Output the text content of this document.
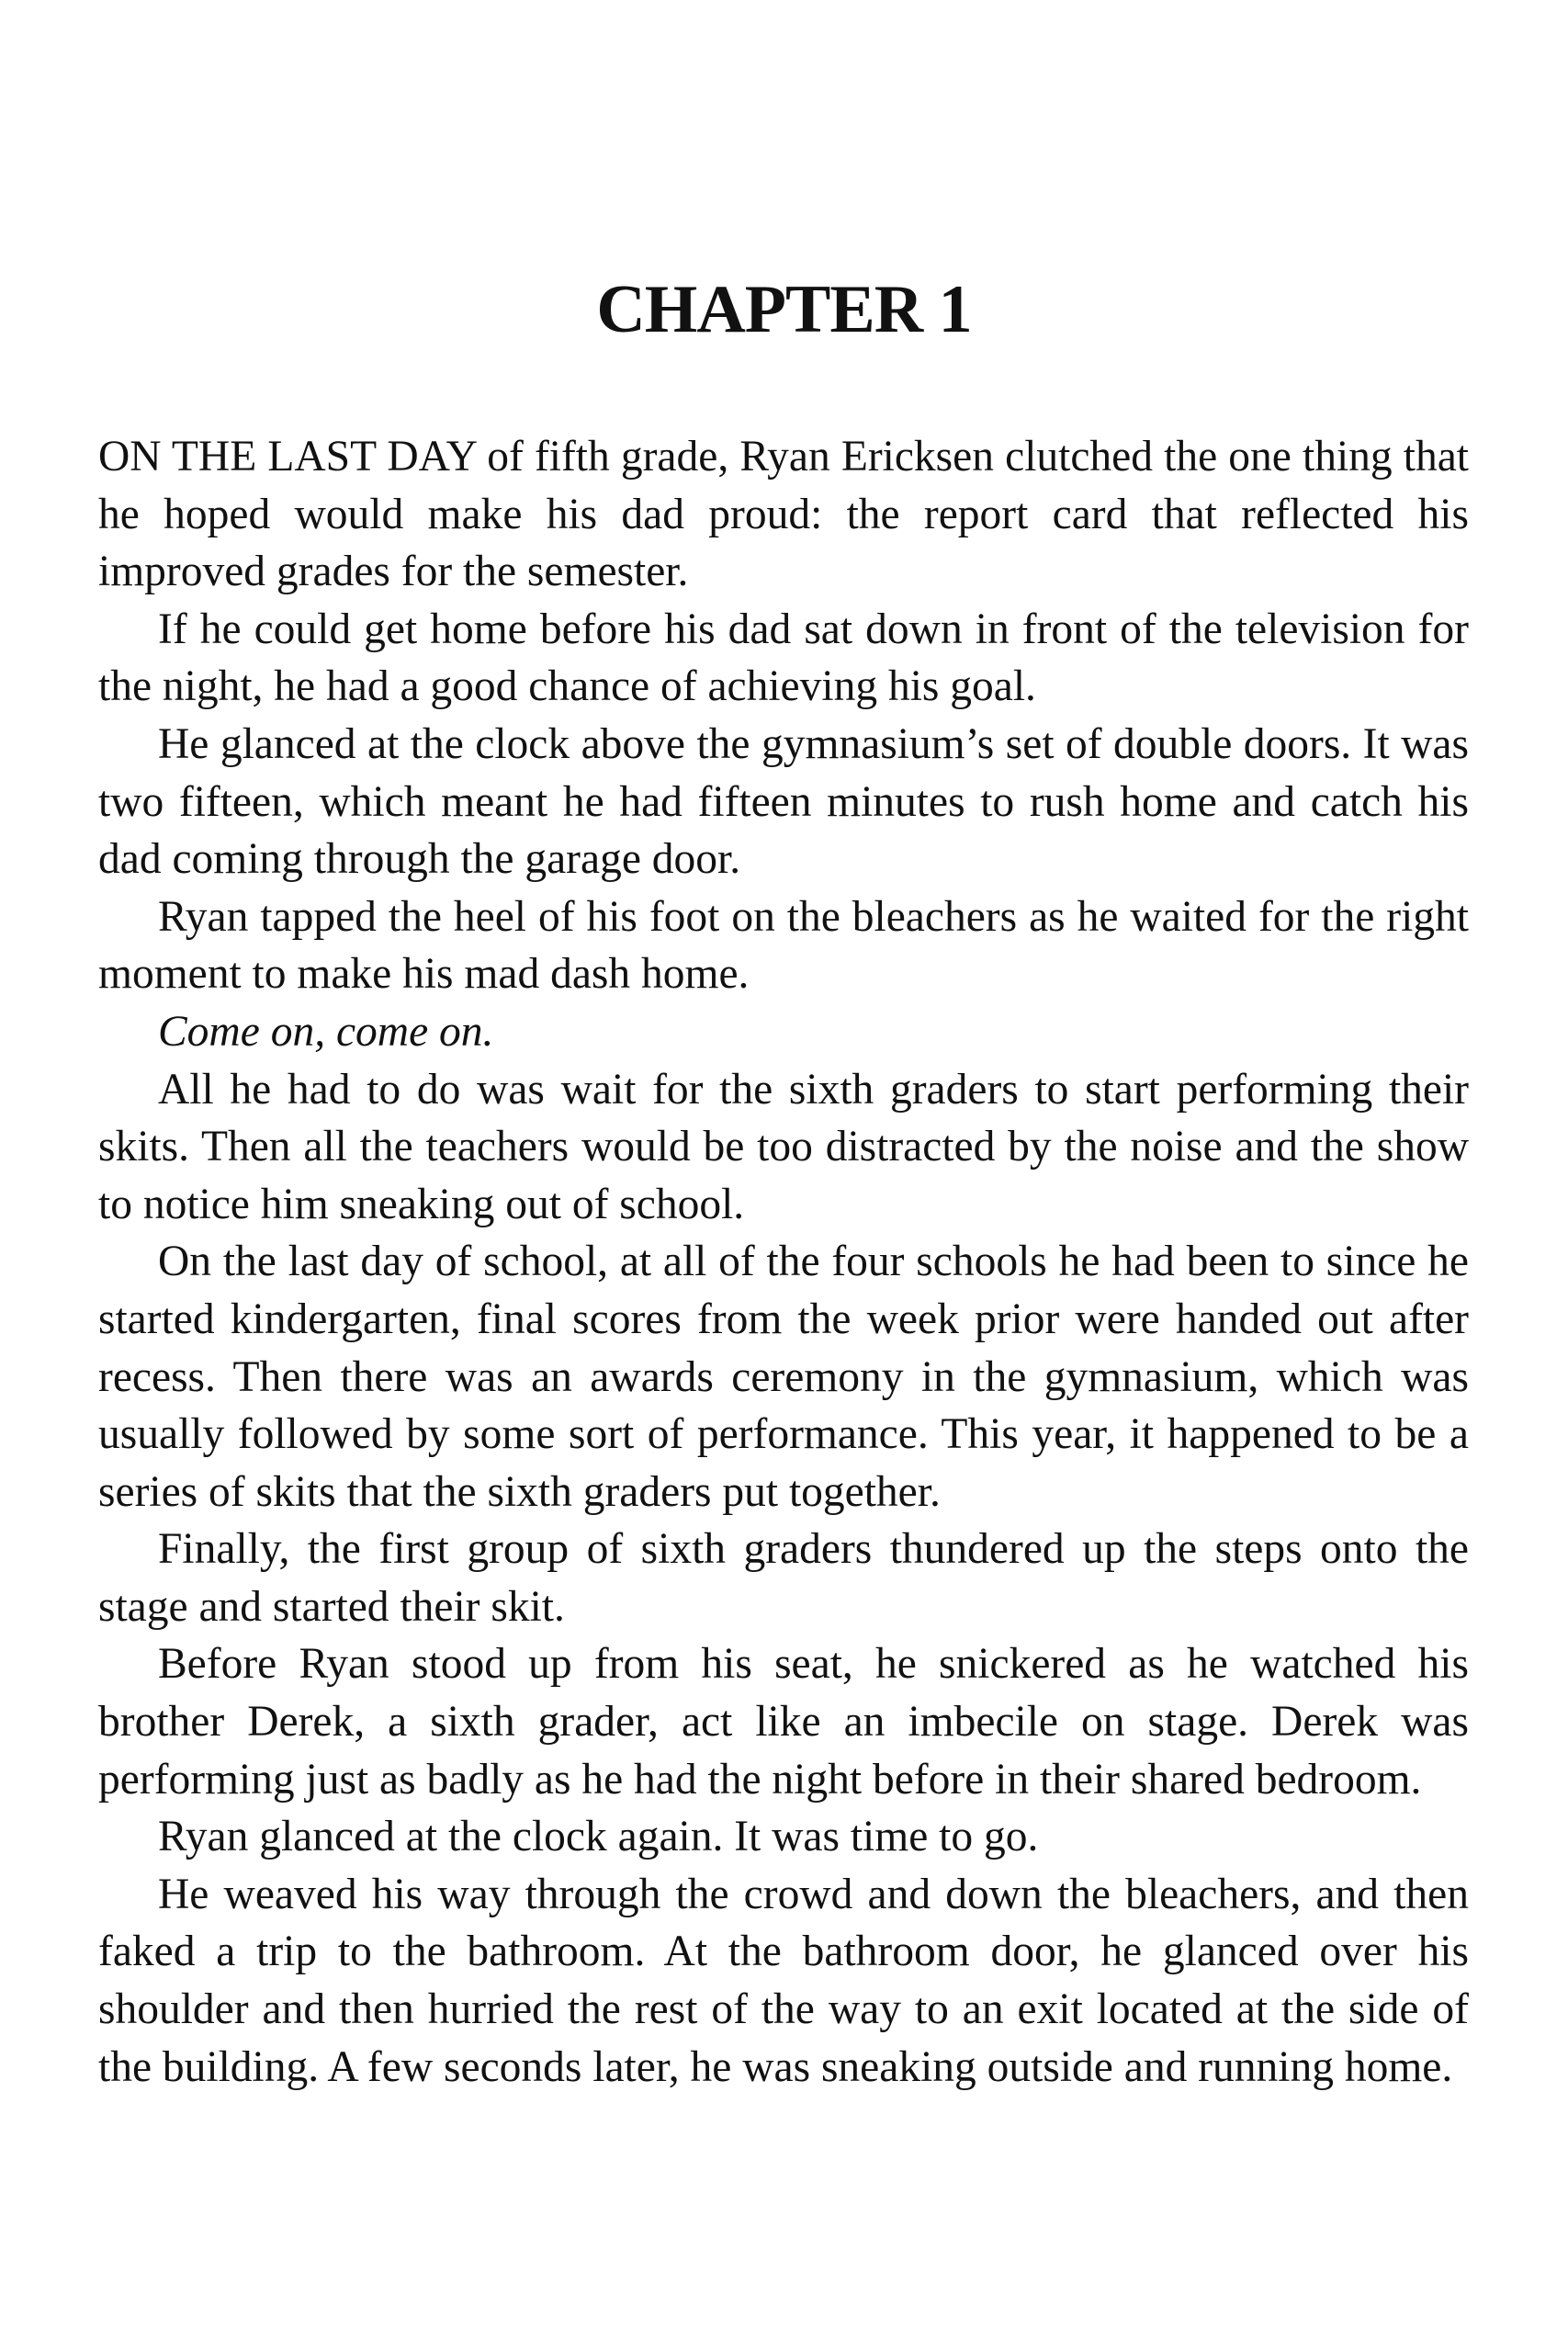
CHAPTER 1

ON THE LAST DAY of fifth grade, Ryan Ericksen clutched the one thing that he hoped would make his dad proud: the report card that reflected his improved grades for the semester.

If he could get home before his dad sat down in front of the television for the night, he had a good chance of achieving his goal.

He glanced at the clock above the gymnasium’s set of double doors. It was two fifteen, which meant he had fifteen minutes to rush home and catch his dad coming through the garage door.

Ryan tapped the heel of his foot on the bleachers as he waited for the right moment to make his mad dash home.

Come on, come on.

All he had to do was wait for the sixth graders to start performing their skits. Then all the teachers would be too distracted by the noise and the show to notice him sneaking out of school.

On the last day of school, at all of the four schools he had been to since he started kindergarten, final scores from the week prior were handed out after recess. Then there was an awards ceremony in the gymnasium, which was usually followed by some sort of performance. This year, it happened to be a series of skits that the sixth graders put together.

Finally, the first group of sixth graders thundered up the steps onto the stage and started their skit.

Before Ryan stood up from his seat, he snickered as he watched his brother Derek, a sixth grader, act like an imbecile on stage. Derek was performing just as badly as he had the night before in their shared bedroom.

Ryan glanced at the clock again. It was time to go.

He weaved his way through the crowd and down the bleachers, and then faked a trip to the bathroom. At the bathroom door, he glanced over his shoulder and then hurried the rest of the way to an exit located at the side of the building. A few seconds later, he was sneaking outside and running home.
